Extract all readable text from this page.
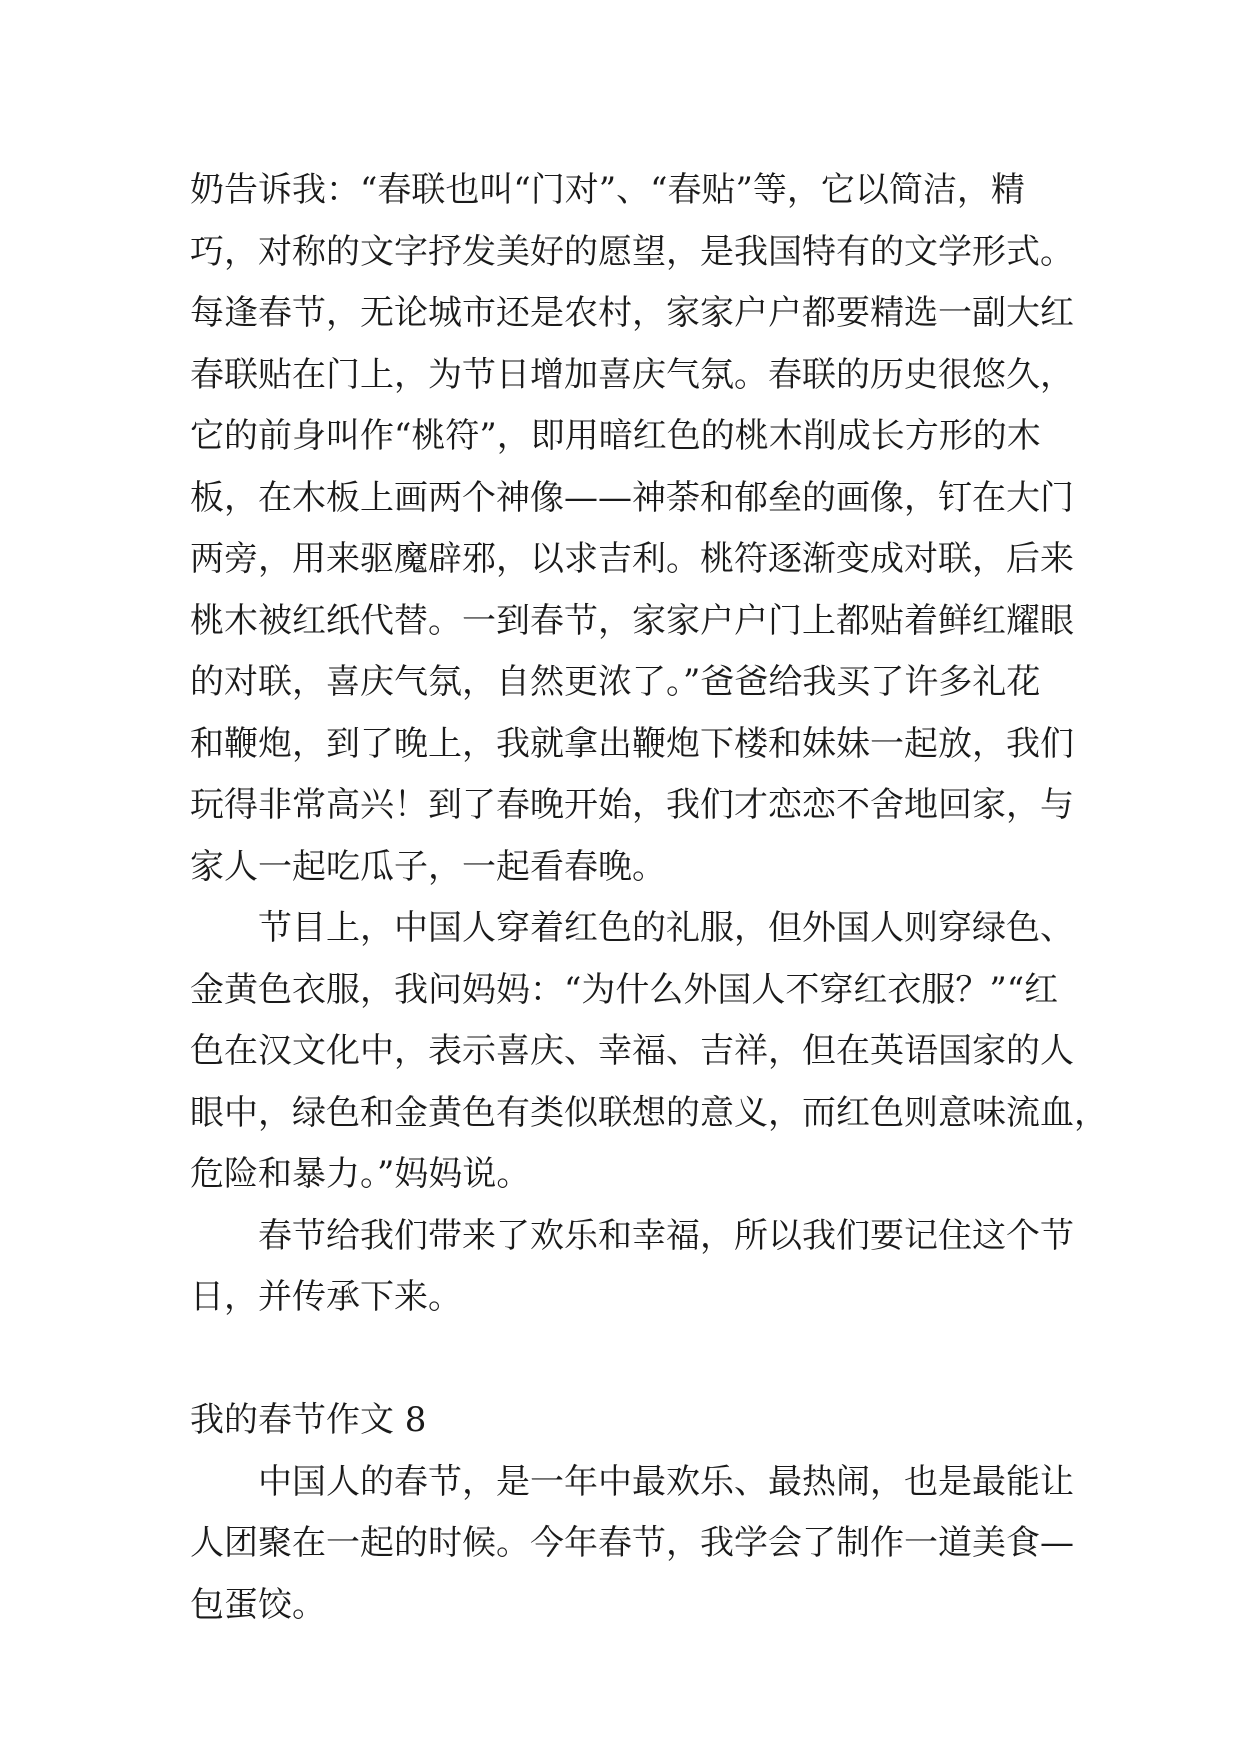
奶告诉我：“春联也叫“门对”、“春贴”等，它以简洁，精
巧，对称的文字抒发美好的愿望，是我国特有的文学形式。
每逢春节，无论城市还是农村，家家户户都要精选一副大红
春联贴在门上，为节日增加喜庆气氛。春联的历史很悠久，
它的前身叫作“桃符”，即用暗红色的桃木削成长方形的木
板，在木板上画两个神像——神荼和郁垒的画像，钉在大门
两旁，用来驱魔辟邪，以求吉利。桃符逐渐变成对联，后来
桃木被红纸代替。一到春节，家家户户门上都贴着鲜红耀眼
的对联，喜庆气氛，自然更浓了。”爸爸给我买了许多礼花
和鞭炮，到了晚上，我就拿出鞭炮下楼和妹妹一起放，我们
玩得非常高兴！到了春晚开始，我们才恋恋不舍地回家，与
家人一起吃瓜子，一起看春晚。
节目上，中国人穿着红色的礼服，但外国人则穿绿色、
金黄色衣服，我问妈妈：“为什么外国人不穿红衣服？”“红
色在汉文化中，表示喜庆、幸福、吉祥，但在英语国家的人
眼中，绿色和金黄色有类似联想的意义，而红色则意味流血，
危险和暴力。”妈妈说。
春节给我们带来了欢乐和幸福，所以我们要记住这个节
日，并传承下来。
我的春节作文 8
中国人的春节，是一年中最欢乐、最热闹，也是最能让
人团聚在一起的时候。今年春节，我学会了制作一道美食—
包蛋饺。
